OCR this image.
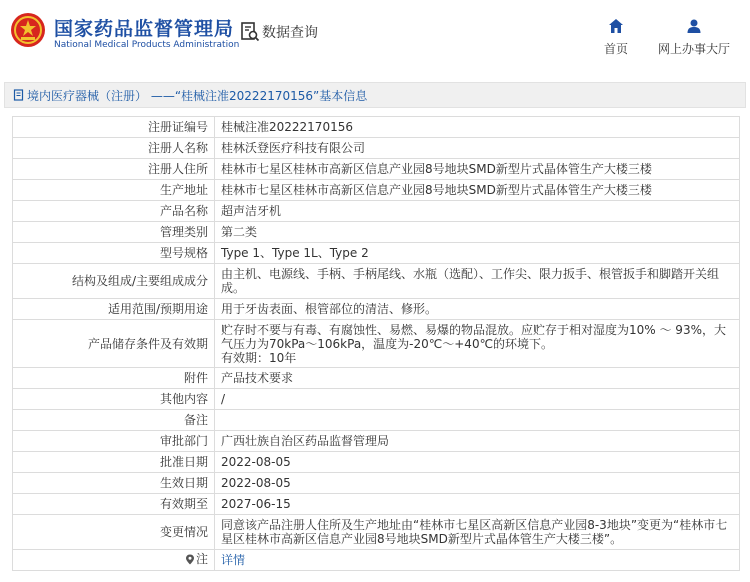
国家药品监督管理局
National Medical Products Administration
数据查询
首页	网上办事大厅
境内医疗器械（注册） ——“桂械注准20222170156”基本信息
注册证编号	桂械注准20222170156
注册人名称	桂林沃登医疗科技有限公司
注册人住所	桂林市七星区桂林市高新区信息产业园8号地块SMD新型片式晶体管生产大楼三楼
生产地址	桂林市七星区桂林市高新区信息产业园8号地块SMD新型片式晶体管生产大楼三楼
产品名称	超声洁牙机
管理类别	第二类
型号规格	Type 1、Type 1L、Type 2
结构及组成/主要组成成分	由主机、电源线、手柄、手柄尾线、水瓶（选配）、工作尖、限力扳手、根管扳手和脚踏开关组成。
适用范围/预期用途	用于牙齿表面、根管部位的清洁、修形。
产品储存条件及有效期	贮存时不要与有毒、有腐蚀性、易燃、易爆的物品混放。应贮存于相对湿度为10% ～ 93%，大气压力为70kPa～106kPa，温度为-20℃～+40℃的环境下。
有效期：10年

附件	产品技术要求
其他内容	/
备注	
审批部门	广西壮族自治区药品监督管理局
批准日期	2022-08-05
生效日期	2022-08-05
有效期至	2027-06-15
变更情况	同意该产品注册人住所及生产地址由“桂林市七星区高新区信息产业园8-3地块”变更为“桂林市七星区桂林市高新区信息产业园8号地块SMD新型片式晶体管生产大楼三楼”。

注	详情
